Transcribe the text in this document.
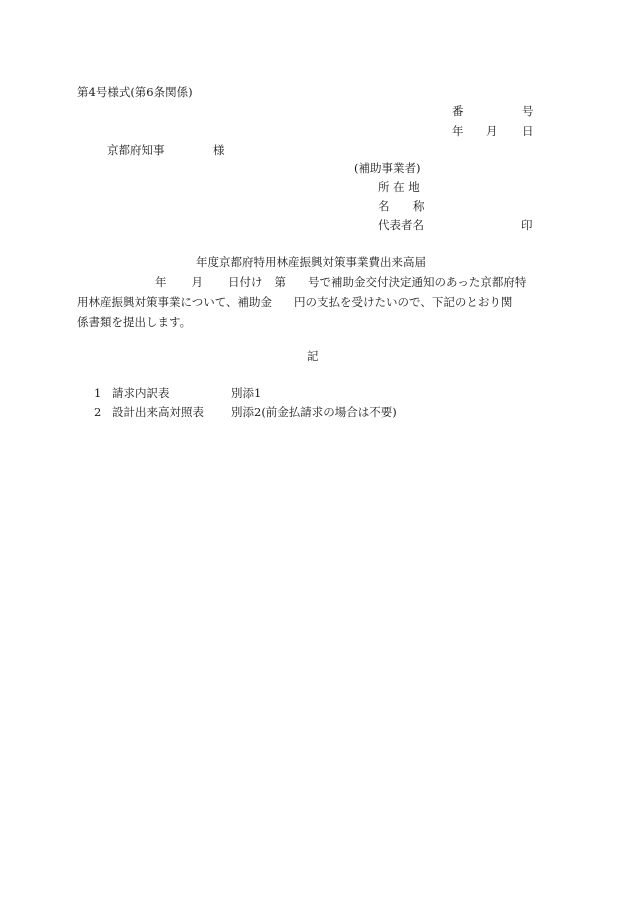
第4号様式(第6条関係)
番	号
年 月 日
京都府知事	様
(補助事業者)
所 在 地
名 称
代表者名	印
年度京都府特用林産振興対策事業費出来高届
年 月 日付け 第 号で補助金交付決定通知のあった京都府特
用林産振興対策事業について、補助金 円の支払を受けたいので、下記のとおり関
係書類を提出します。
記
1 請求内訳表	別添1
2 設計出来高対照表 別添2(前金払請求の場合は不要)
